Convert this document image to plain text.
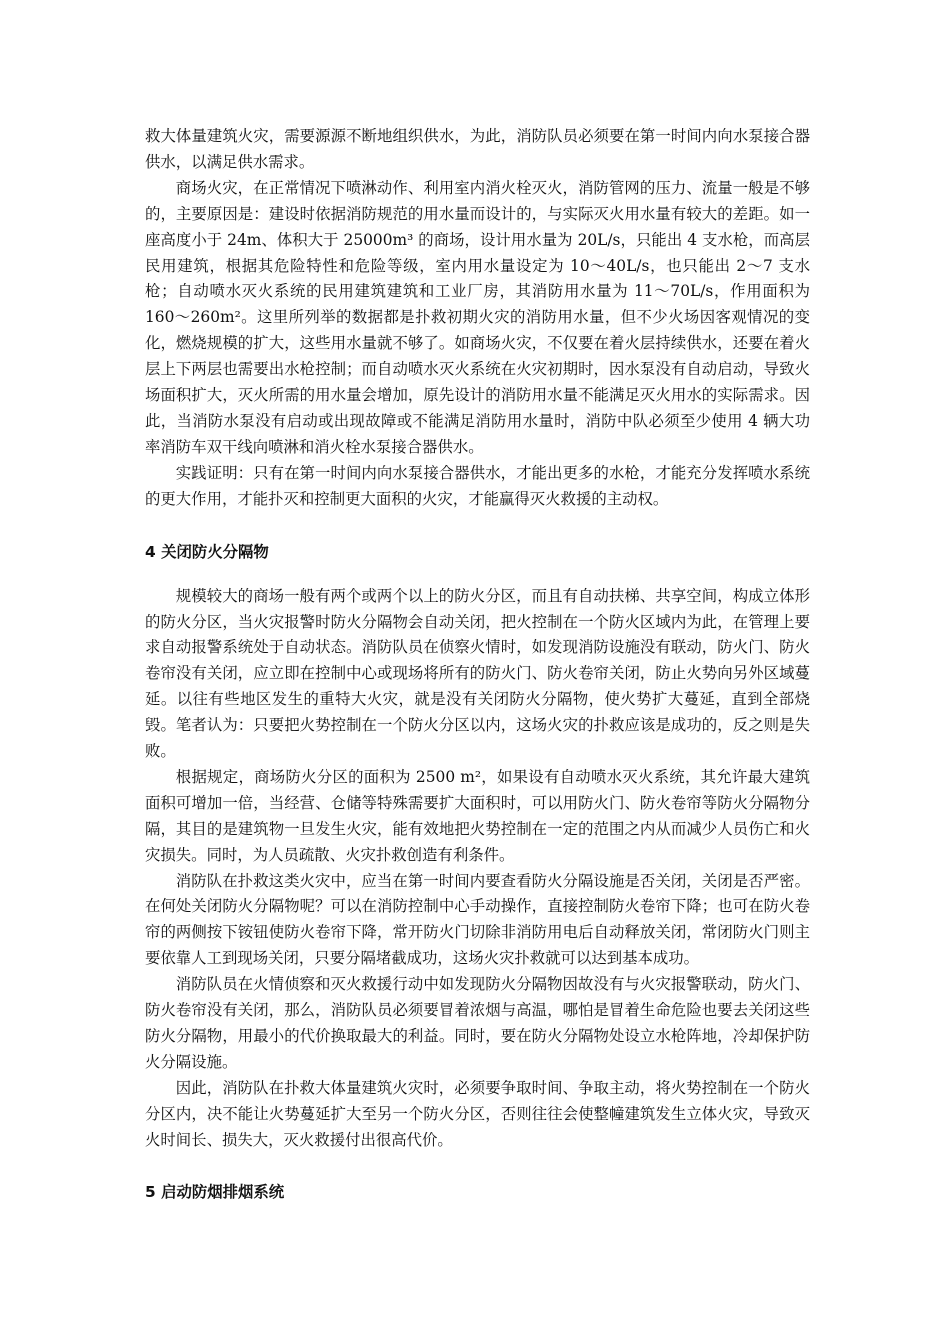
救大体量建筑火灾，需要源源不断地组织供水，为此，消防队员必须要在第一时间内向水泵接合器供水，以满足供水需求。

商场火灾，在正常情况下喷淋动作、利用室内消火栓灭火，消防管网的压力、流量一般是不够的，主要原因是：建设时依据消防规范的用水量而设计的，与实际灭火用水量有较大的差距。如一座高度小于 24m、体积大于 25000m³ 的商场，设计用水量为 20L/s，只能出 4 支水枪，而高层民用建筑，根据其危险特性和危险等级，室内用水量设定为 10～40L/s，也只能出 2～7 支水枪；自动喷水灭火系统的民用建筑建筑和工业厂房，其消防用水量为 11～70L/s，作用面积为 160～260m²。这里所列举的数据都是扑救初期火灾的消防用水量，但不少火场因客观情况的变化，燃烧规模的扩大，这些用水量就不够了。如商场火灾，不仅要在着火层持续供水，还要在着火层上下两层也需要出水枪控制；而自动喷水灭火系统在火灾初期时，因水泵没有自动启动，导致火场面积扩大，灭火所需的用水量会增加，原先设计的消防用水量不能满足灭火用水的实际需求。因此，当消防水泵没有启动或出现故障或不能满足消防用水量时，消防中队必须至少使用 4 辆大功率消防车双干线向喷淋和消火栓水泵接合器供水。

实践证明：只有在第一时间内向水泵接合器供水，才能出更多的水枪，才能充分发挥喷水系统的更大作用，才能扑灭和控制更大面积的火灾，才能赢得灭火救援的主动权。

4 关闭防火分隔物

规模较大的商场一般有两个或两个以上的防火分区，而且有自动扶梯、共享空间，构成立体形的防火分区，当火灾报警时防火分隔物会自动关闭，把火控制在一个防火区域内为此，在管理上要求自动报警系统处于自动状态。消防队员在侦察火情时，如发现消防设施没有联动，防火门、防火卷帘没有关闭，应立即在控制中心或现场将所有的防火门、防火卷帘关闭，防止火势向另外区域蔓延。以往有些地区发生的重特大火灾，就是没有关闭防火分隔物，使火势扩大蔓延，直到全部烧毁。笔者认为：只要把火势控制在一个防火分区以内，这场火灾的扑救应该是成功的，反之则是失败。

根据规定，商场防火分区的面积为 2500 m²，如果设有自动喷水灭火系统，其允许最大建筑面积可增加一倍，当经营、仓储等特殊需要扩大面积时，可以用防火门、防火卷帘等防火分隔物分隔，其目的是建筑物一旦发生火灾，能有效地把火势控制在一定的范围之内从而减少人员伤亡和火灾损失。同时，为人员疏散、火灾扑救创造有利条件。

消防队在扑救这类火灾中，应当在第一时间内要查看防火分隔设施是否关闭，关闭是否严密。在何处关闭防火分隔物呢？可以在消防控制中心手动操作，直接控制防火卷帘下降；也可在防火卷帘的两侧按下铵钮使防火卷帘下降，常开防火门切除非消防用电后自动释放关闭，常闭防火门则主要依靠人工到现场关闭，只要分隔堵截成功，这场火灾扑救就可以达到基本成功。

消防队员在火情侦察和灭火救援行动中如发现防火分隔物因故没有与火灾报警联动，防火门、防火卷帘没有关闭，那么，消防队员必须要冒着浓烟与高温，哪怕是冒着生命危险也要去关闭这些防火分隔物，用最小的代价换取最大的利益。同时，要在防火分隔物处设立水枪阵地，冷却保护防火分隔设施。

因此，消防队在扑救大体量建筑火灾时，必须要争取时间、争取主动，将火势控制在一个防火分区内，决不能让火势蔓延扩大至另一个防火分区，否则往往会使整幢建筑发生立体火灾，导致灭火时间长、损失大，灭火救援付出很高代价。

5 启动防烟排烟系统
